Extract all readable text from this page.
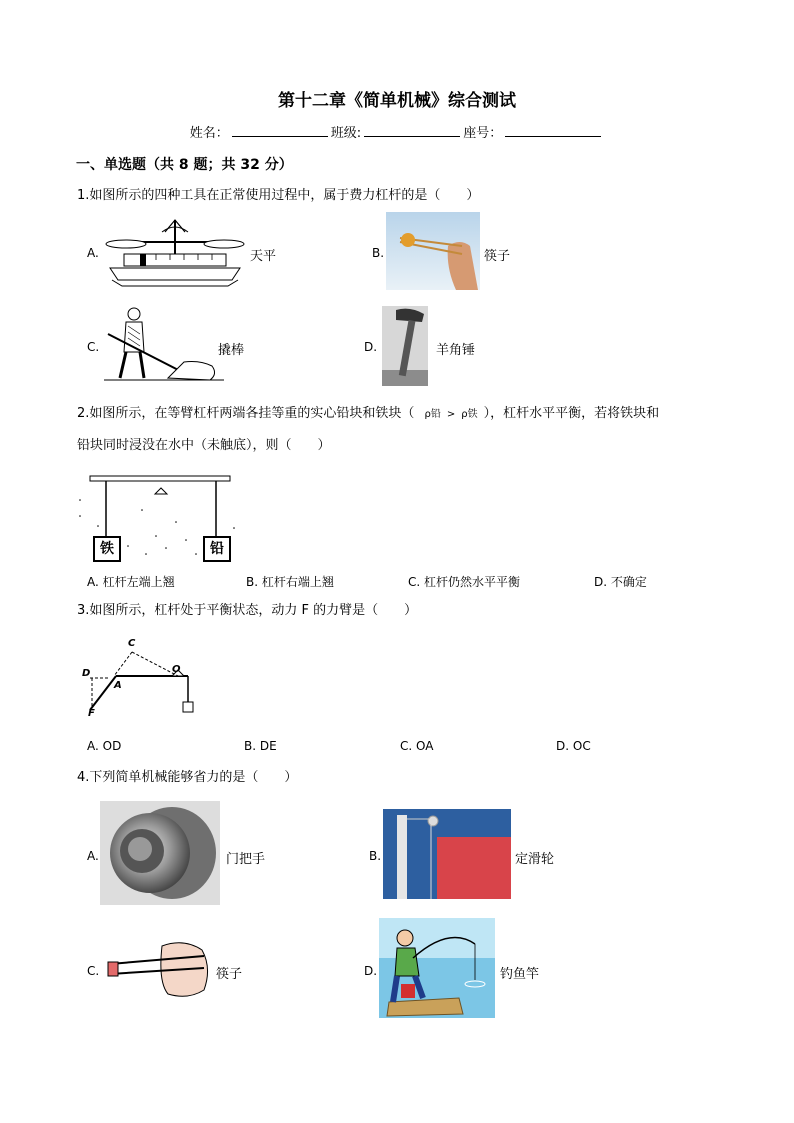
第十二章《简单机械》综合测试
姓名：	班级:	座号：
一、单选题（共 8 题；共 32 分）
1.如图所示的四种工具在正常使用过程中，属于费力杠杆的是（　　）
A.	天平	B.	筷子
C.	撬棒	D.	羊角锤
2.如图所示，在等臂杠杆两端各挂等重的实心铅块和铁块（ ρ铅 > ρ铁 ），杠杆水平平衡，若将铁块和
铅块同时浸没在水中（未触底），则（　　）
铁	铅
A. 杠杆左端上翘	B. 杠杆右端上翘	C. 杠杆仍然水平平衡	D. 不确定
3.如图所示，杠杆处于平衡状态，动力 F 的力臂是（　　）
C
D
A
O
F
A. OD	B. DE	C. OA	D. OC
4.下列简单机械能够省力的是（　　）
A.	门把手	B.	定滑轮
C.	筷子	D.	钓鱼竿
